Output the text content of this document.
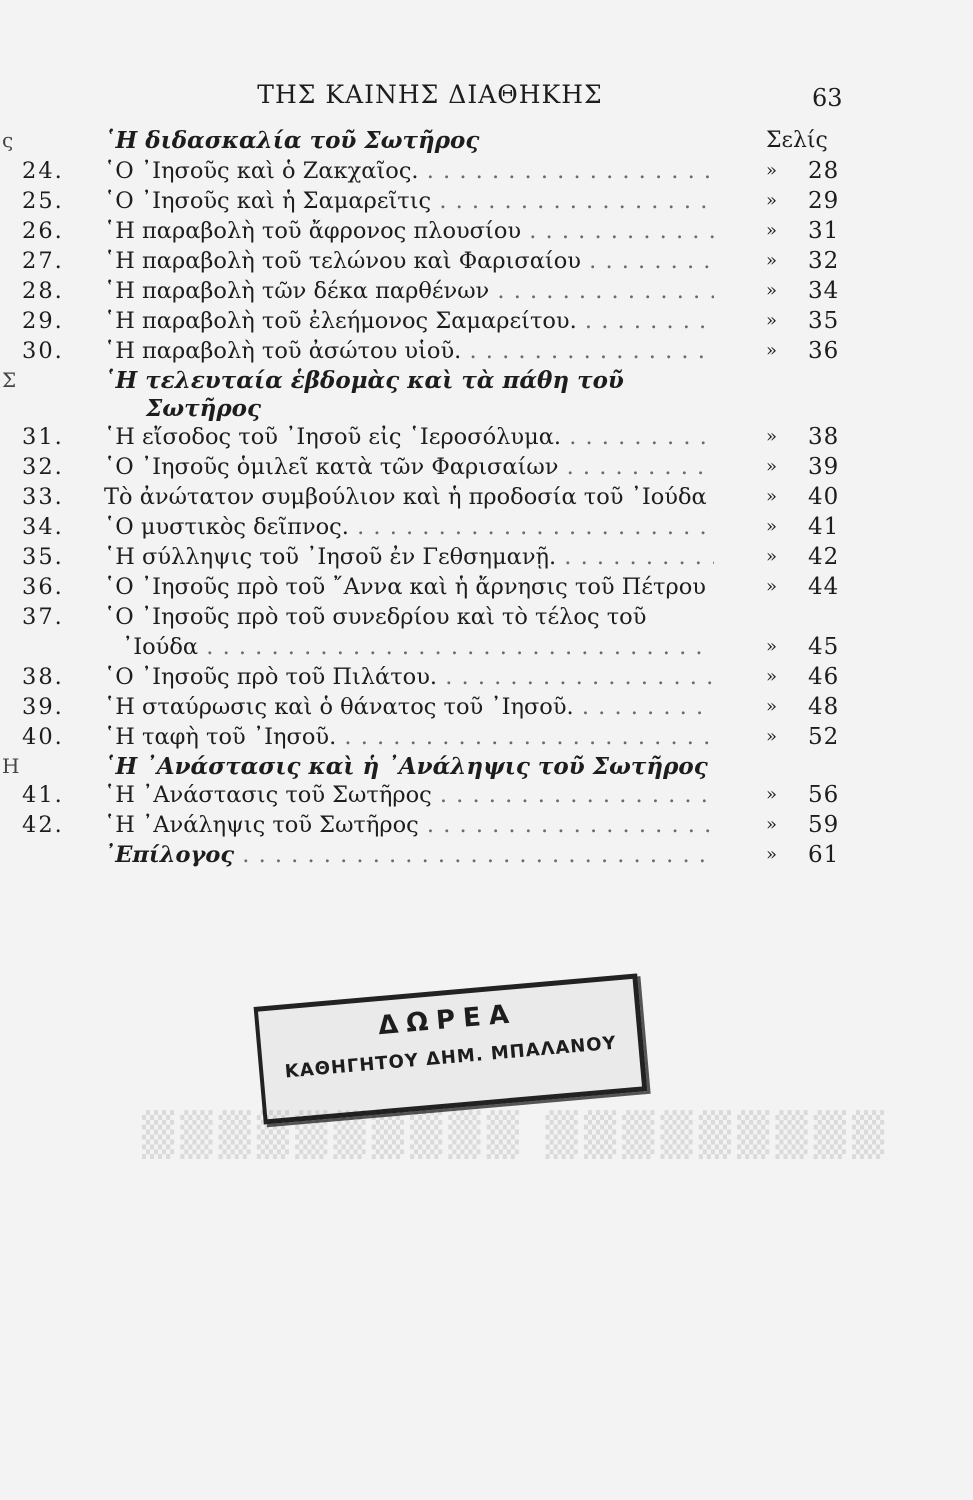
ΤΗΣ ΚΑΙΝΗΣ ΔΙΑΘΗΚΗΣ	63
ς	῾Η διδασκαλία τοῦ Σωτῆρος	Σελίς
24.	῾Ο ᾿Ιησοῦς καὶ ὁ Ζακχαῖος. . . .	»	28
25.	῾Ο ᾿Ιησοῦς καὶ ἡ Σαμαρεῖτις . . .	»	29
26.	῾Η παραβολὴ τοῦ ἄφρονος πλουσίου . . .	»	31
27.	῾Η παραβολὴ τοῦ τελώνου καὶ Φαρισαίου . . .	»	32
28.	῾Η παραβολὴ τῶν δέκα παρθένων . . .	»	34
29.	῾Η παραβολὴ τοῦ ἐλεήμονος Σαμαρείτου. . . .	»	35
30.	῾Η παραβολὴ τοῦ ἀσώτου υἱοῦ. . . .	»	36
Σ	῾Η τελευταία ἑβδομὰς καὶ τὰ πάθη τοῦ
Σωτῆρος
31.	῾Η εἴσοδος τοῦ ᾿Ιησοῦ εἰς ῾Ιεροσόλυμα. . . .	»	38
32.	῾Ο ᾿Ιησοῦς ὁμιλεῖ κατὰ τῶν Φαρισαίων . . .	»	39
33.	Τὸ ἀνώτατον συμβούλιον καὶ ἡ προδοσία τοῦ ᾿Ιούδα	»	40
34.	῾Ο μυστικὸς δεῖπνος. . . .	»	41
35.	῾Η σύλληψις τοῦ ᾿Ιησοῦ ἐν Γεθσημανῇ. . . .	»	42
36.	῾Ο ᾿Ιησοῦς πρὸ τοῦ ῎Αννα καὶ ἡ ἄρνησις τοῦ Πέτρου	»	44
37.	῾Ο ᾿Ιησοῦς πρὸ τοῦ συνεδρίου καὶ τὸ τέλος τοῦ
᾿Ιούδα . . .	»	45
38.	῾Ο ᾿Ιησοῦς πρὸ τοῦ Πιλάτου. . . .	»	46
39.	῾Η σταύρωσις καὶ ὁ θάνατος τοῦ ᾿Ιησοῦ. . . .	»	48
40.	῾Η ταφὴ τοῦ ᾿Ιησοῦ. . . .	»	52
Η	῾Η ᾿Ανάστασις καὶ ἡ ᾿Ανάληψις τοῦ Σωτῆρος
41.	῾Η ᾿Ανάστασις τοῦ Σωτῆρος . . .	»	56
42.	῾Η ᾿Ανάληψις τοῦ Σωτῆρος . . .	»	59
᾿Επίλογος . . .	»	61
ΔΩΡΕΑ
ΚΑΘΗΓΗΤΟΥ ΔΗΜ. ΜΠΑΛΑΝΟΥ
▒▒▒▒▒▒▒▒▒ ▒▒▒▒▒▒▒▒▒▒
